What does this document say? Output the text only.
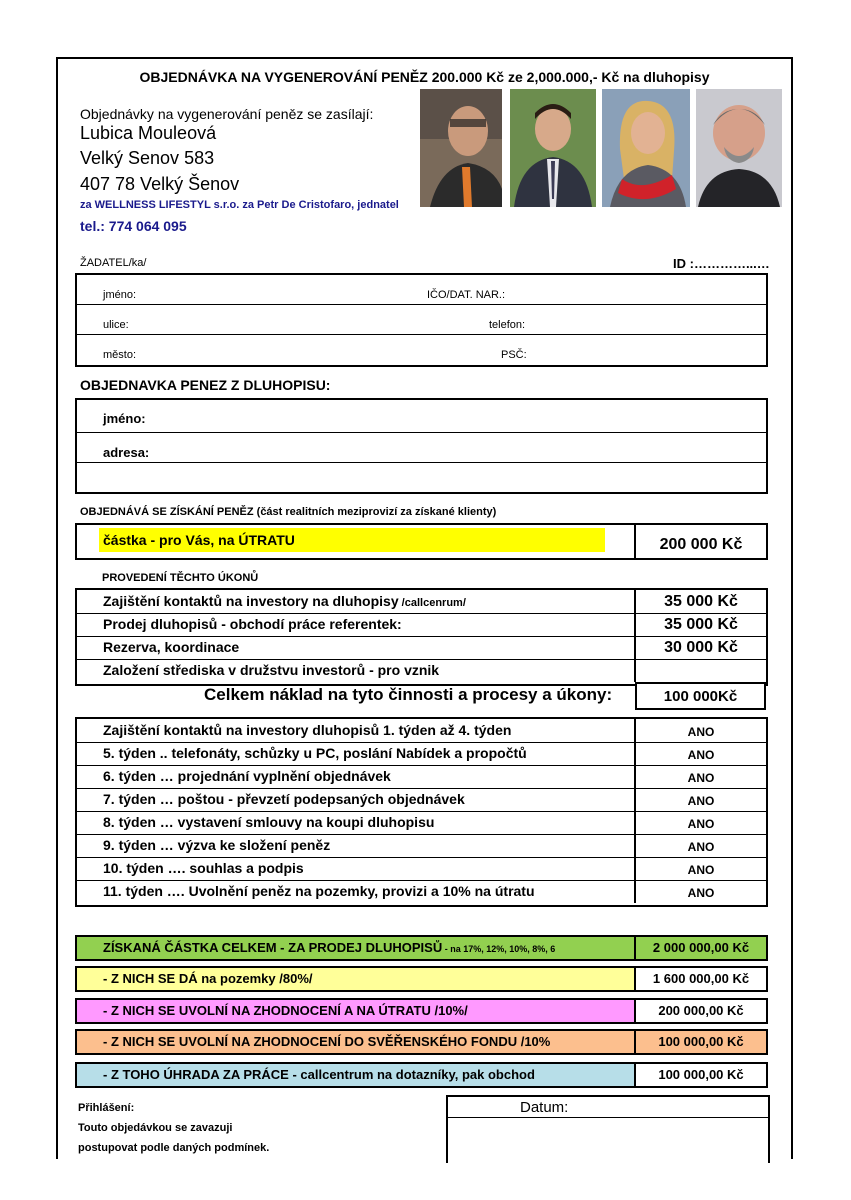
OBJEDNÁVKA NA VYGENEROVÁNÍ PENĚZ 200.000 Kč ze 2,000.000,- Kč na dluhopisy
Objednávky na vygenerování peněz se zasílají:
Lubica Mouleová
Velký Senov 583
407 78 Velký Šenov
za WELLNESS LIFESTYL s.r.o. za Petr De Cristofaro, jednatel
tel.: 774 064 095
ŽADATEL/ka/	ID :…………...…
jméno:	IČO/DAT. NAR.:
ulice:	telefon:
město:	PSČ:
OBJEDNAVKA PENEZ Z DLUHOPISU:
jméno:
adresa:
OBJEDNÁVÁ SE ZÍSKÁNÍ PENĚZ (část realitních meziprovizí za získané klienty)
částka - pro Vás, na ÚTRATU	200 000 Kč
PROVEDENÍ TĚCHTO ÚKONŮ
Zajištění kontaktů na investory na dluhopisy /callcenrum/	35 000 Kč
Prodej dluhopisů - obchodí práce referentek:	35 000 Kč
Rezerva, koordinace	30 000 Kč
Založení střediska v družstvu investorů - pro vznik
Celkem náklad na tyto činnosti a procesy a úkony:	100 000Kč
Zajištění kontaktů na investory dluhopisů 1. týden až 4. týden	ANO
5. týden .. telefonáty, schůzky u PC, poslání Nabídek a propočtů	ANO
6. týden … projednání vyplnění objednávek	ANO
7. týden … poštou - převzetí podepsaných objednávek	ANO
8. týden … vystavení smlouvy na koupi dluhopisu	ANO
9. týden … výzva ke složení peněz	ANO
10. týden …. souhlas a podpis	ANO
11. týden …. Uvolnění peněz na pozemky, provizi a 10% na útratu	ANO
ZÍSKANÁ ČÁSTKA CELKEM - ZA PRODEJ DLUHOPISŮ - na 17%, 12%, 10%, 8%, 6	2 000 000,00 Kč
- Z NICH SE DÁ na pozemky /80%/	1 600 000,00 Kč
- Z NICH SE UVOLNÍ NA ZHODNOCENÍ A NA ÚTRATU /10%/	200 000,00 Kč
- Z NICH SE UVOLNÍ NA ZHODNOCENÍ DO SVĚŘENSKÉHO FONDU /10%	100 000,00 Kč
- Z TOHO ÚHRADA ZA PRÁCE - callcentrum na dotazníky, pak obchod	100 000,00 Kč
Přihlášení:
Touto objedávkou se zavazuji
postupovat podle daných podmínek.
Datum:
